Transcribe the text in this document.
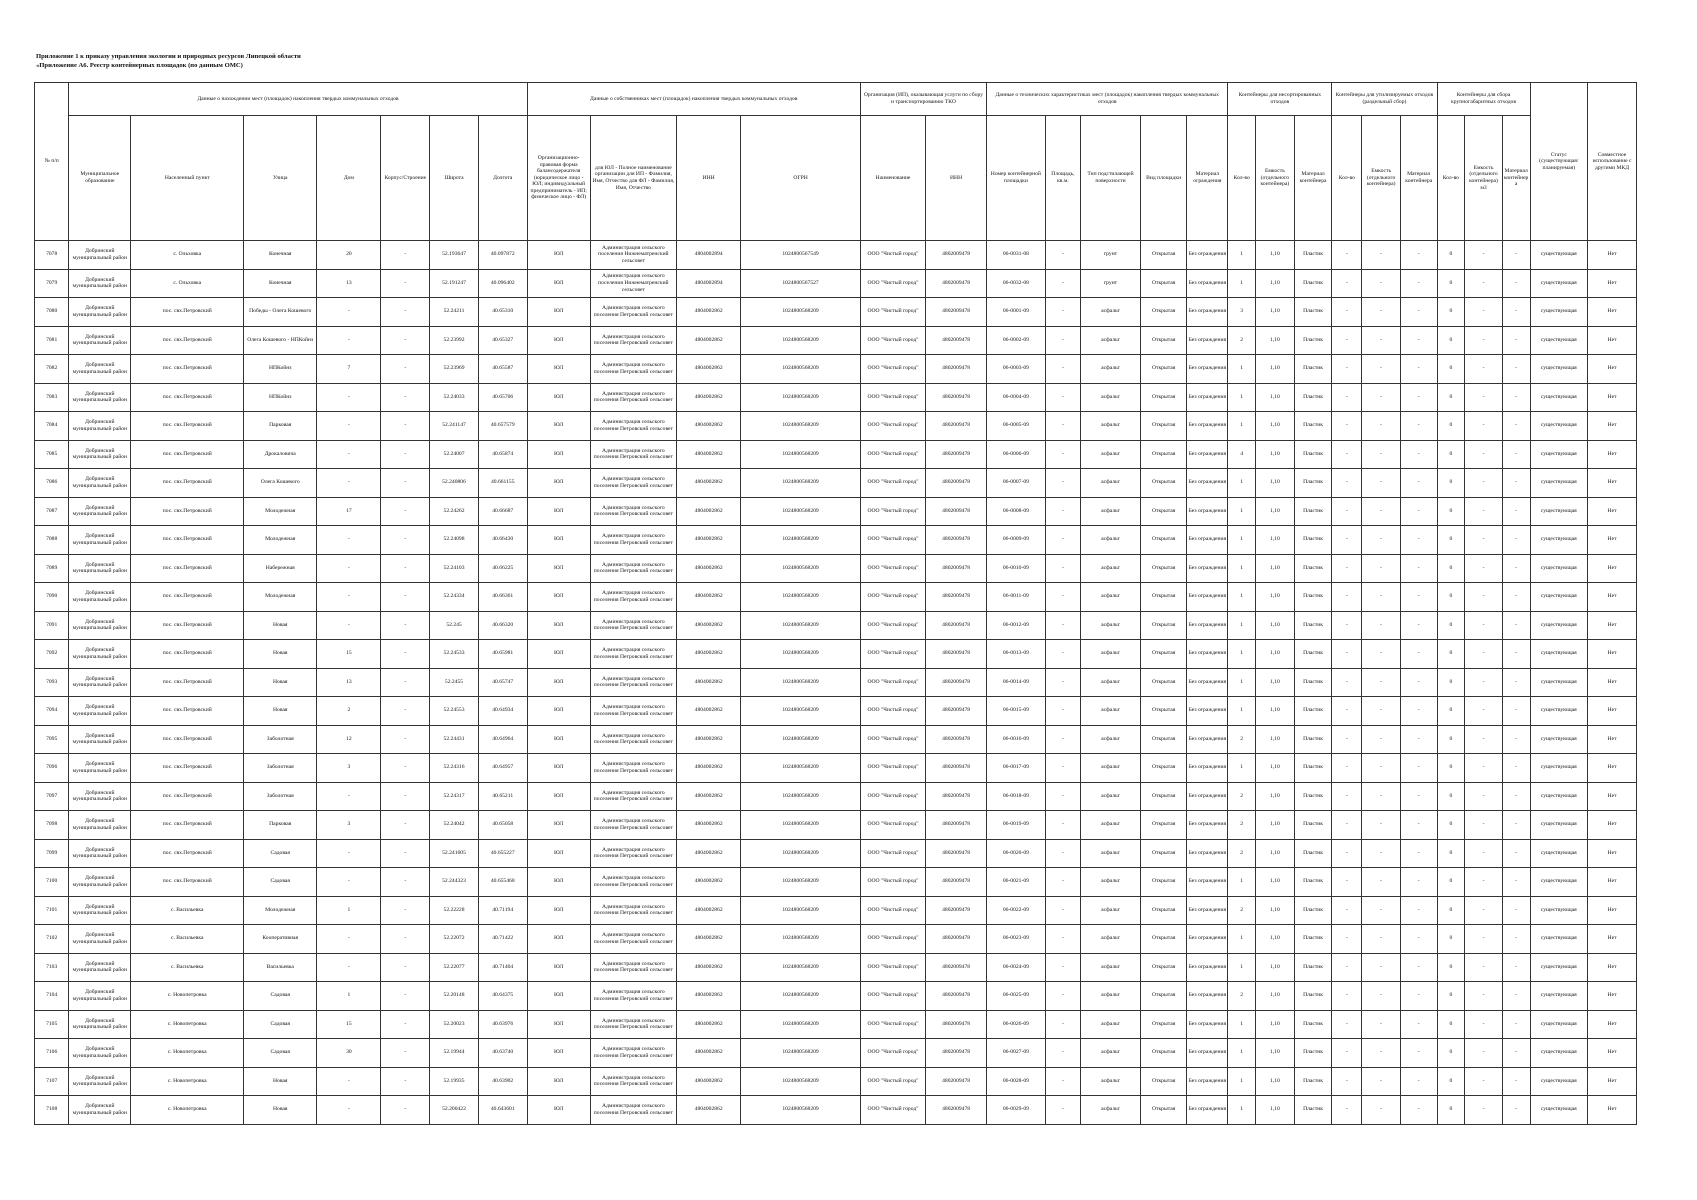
Приложение 1 к приказу управления экологии и природных ресурсов Липецкой области
«Приложение А6. Реестр контейнерных площадок (по данным ОМС)
№ п/п	Данные о нахождении мест (площадок) накопления твердых коммунальных отходов							Данные о собственниках мест (площадок) накопления твердых коммунальных отходов				Организация (ИП), оказывающая услуги по сбору и транспортированию ТКО		Данные о технических характеристиках мест (площадок) накопления твердых коммунальных отходов					Контейнеры для несортированных отходов			Контейнеры для утилизируемых отходов (раздельный сбор)			Контейнеры для сбора крупногабаритных отходов			Статус (существующая/ планируемая)	Совместное использование с другими МКД
	Муниципальное образование	Населенный пункт	Улица	Дом	Корпус/Строение	Широта	Долгота	Организационно-правовая форма балансодержателя (юридическое лицо - ЮЛ; индивидуальный предприниматель - ИП; физическое лицо - ФЛ)	для ЮЛ - Полное наименование организации для ИП - Фамилия, Имя, Отчество для ФЛ - Фамилия, Имя, Отчество	ИНН	ОГРН	Наименование	ИНН	Номер контейнерной площадки	Площадь, кв.м.	Тип подстилающей поверхности	Вид площадки	Материал ограждения	Кол-во	Емкость (отдельного контейнера)	Материал контейнера	Кол-во	Емкость (отдельного контейнера)	Материал контейнера	Кол-во	Емкость (отдельного контейнера) м3	Материал контейнера		
7078	Добринский муниципальный район	с. Ольховка	Конечная	20	-	52.193647	40.097872	ЮЛ	Администрация сельского поселения Нижнематренский сельсовет	4804002894	1024800567549	ООО "Чистый город"	4802009478	06-0031-08	-	грунт	Открытая	Без ограждения	1	1,10	Пластик	-	-	-	0	-	-	существующая	Нет
7079	Добринский муниципальный район	с. Ольховка	Конечная	13	-	52.191247	40.096402	ЮЛ	Администрация сельского поселения Нижнематренский сельсовет	4804002894	1024800567527	ООО "Чистый город"	4802009478	06-0032-08	-	грунт	Открытая	Без ограждения	1	1,10	Пластик	-	-	-	0	-	-	существующая	Нет
7080	Добринский муниципальный район	пос. свх.Петровский	Победы - Олега Кошевого	-	-	52.24211	40.65310	ЮЛ	Администрация сельского поселения Петровский сельсовет	4804002862	1024800568209	ООО "Чистый город"	4802009478	06-0001-09	-	асфальт	Открытая	Без ограждения	3	1,10	Пластик	-	-	-	0	-	-	существующая	Нет
7081	Добринский муниципальный район	пос. свх.Петровский	Олега Кошевого - НПКойнз	-	-	52.23992	40.65327	ЮЛ	Администрация сельского поселения Петровский сельсовет	4804002862	1024800568209	ООО "Чистый город"	4802009478	06-0002-09	-	асфальт	Открытая	Без ограждения	2	1,10	Пластик	-	-	-	0	-	-	существующая	Нет
7082	Добринский муниципальный район	пос. свх.Петровский	НПКойнз	7	-	52.23969	40.65587	ЮЛ	Администрация сельского поселения Петровский сельсовет	4804002862	1024800568209	ООО "Чистый город"	4802009478	06-0003-09	-	асфальт	Открытая	Без ограждения	1	1,10	Пластик	-	-	-	0	-	-	существующая	Нет
7083	Добринский муниципальный район	пос. свх.Петровский	НПКойнз	-	-	52.24033	40.65706	ЮЛ	Администрация сельского поселения Петровский сельсовет	4804002862	1024800568209	ООО "Чистый город"	4802009478	06-0004-09	-	асфальт	Открытая	Без ограждения	1	1,10	Пластик	-	-	-	0	-	-	существующая	Нет
7084	Добринский муниципальный район	пос. свх.Петровский	Парковая	-	-	52.241147	40.657579	ЮЛ	Администрация сельского поселения Петровский сельсовет	4804002862	1024800568209	ООО "Чистый город"	4802009478	06-0005-09	-	асфальт	Открытая	Без ограждения	1	1,10	Пластик	-	-	-	0	-	-	существующая	Нет
7085	Добринский муниципальный район	пос. свх.Петровский	Дрокаловича	-	-	52.24007	40.65874	ЮЛ	Администрация сельского поселения Петровский сельсовет	4804002862	1024800568209	ООО "Чистый город"	4802009478	06-0006-09	-	асфальт	Открытая	Без ограждения	4	1,10	Пластик	-	-	-	0	-	-	существующая	Нет
7086	Добринский муниципальный район	пос. свх.Петровский	Олега Кошевого	-	-	52.240806	40.661155	ЮЛ	Администрация сельского поселения Петровский сельсовет	4804002862	1024800568209	ООО "Чистый город"	4802009478	06-0007-09	-	асфальт	Открытая	Без ограждения	1	1,10	Пластик	-	-	-	0	-	-	существующая	Нет
7087	Добринский муниципальный район	пос. свх.Петровский	Молодежная	17	-	52.24262	40.66687	ЮЛ	Администрация сельского поселения Петровский сельсовет	4804002862	1024800568209	ООО "Чистый город"	4802009478	06-0008-09	-	асфальт	Открытая	Без ограждения	1	1,10	Пластик	-	-	-	0	-	-	существующая	Нет
7088	Добринский муниципальный район	пос. свх.Петровский	Молодежная	-	-	52.24098	40.66430	ЮЛ	Администрация сельского поселения Петровский сельсовет	4804002862	1024800568209	ООО "Чистый город"	4802009478	06-0009-09	-	асфальт	Открытая	Без ограждения	1	1,10	Пластик	-	-	-	0	-	-	существующая	Нет
7089	Добринский муниципальный район	пос. свх.Петровский	Набережная	-	-	52.24103	40.66225	ЮЛ	Администрация сельского поселения Петровский сельсовет	4804002862	1024800568209	ООО "Чистый город"	4802009478	06-0010-09	-	асфальт	Открытая	Без ограждения	1	1,10	Пластик	-	-	-	0	-	-	существующая	Нет
7090	Добринский муниципальный район	пос. свх.Петровский	Молодежная	-	-	52.24334	40.66361	ЮЛ	Администрация сельского поселения Петровский сельсовет	4804002862	1024800568209	ООО "Чистый город"	4802009478	06-0011-09	-	асфальт	Открытая	Без ограждения	1	1,10	Пластик	-	-	-	0	-	-	существующая	Нет
7091	Добринский муниципальный район	пос. свх.Петровский	Новая	-	-	52.245	40.66320	ЮЛ	Администрация сельского поселения Петровский сельсовет	4804002862	1024800568209	ООО "Чистый город"	4802009478	06-0012-09	-	асфальт	Открытая	Без ограждения	1	1,10	Пластик	-	-	-	0	-	-	существующая	Нет
7092	Добринский муниципальный район	пос. свх.Петровский	Новая	15	-	52.24533	40.65981	ЮЛ	Администрация сельского поселения Петровский сельсовет	4804002862	1024800568209	ООО "Чистый город"	4802009478	06-0013-09	-	асфальт	Открытая	Без ограждения	1	1,10	Пластик	-	-	-	0	-	-	существующая	Нет
7093	Добринский муниципальный район	пос. свх.Петровский	Новая	13	-	52.2455	40.65747	ЮЛ	Администрация сельского поселения Петровский сельсовет	4804002862	1024800568209	ООО "Чистый город"	4802009478	06-0014-09	-	асфальт	Открытая	Без ограждения	1	1,10	Пластик	-	-	-	0	-	-	существующая	Нет
7094	Добринский муниципальный район	пос. свх.Петровский	Новая	2	-	52.24553	40.64934	ЮЛ	Администрация сельского поселения Петровский сельсовет	4804002862	1024800568209	ООО "Чистый город"	4802009478	06-0015-09	-	асфальт	Открытая	Без ограждения	1	1,10	Пластик	-	-	-	0	-	-	существующая	Нет
7095	Добринский муниципальный район	пос. свх.Петровский	Заболотная	12	-	52.24431	40.64964	ЮЛ	Администрация сельского поселения Петровский сельсовет	4804002862	1024800568209	ООО "Чистый город"	4802009478	06-0016-09	-	асфальт	Открытая	Без ограждения	2	1,10	Пластик	-	-	-	0	-	-	существующая	Нет
7096	Добринский муниципальный район	пос. свх.Петровский	Заболотная	3	-	52.24316	40.64957	ЮЛ	Администрация сельского поселения Петровский сельсовет	4804002862	1024800568209	ООО "Чистый город"	4802009478	06-0017-09	-	асфальт	Открытая	Без ограждения	1	1,10	Пластик	-	-	-	0	-	-	существующая	Нет
7097	Добринский муниципальный район	пос. свх.Петровский	Заболотная	-	-	52.24317	40.65211	ЮЛ	Администрация сельского поселения Петровский сельсовет	4804002862	1024800568209	ООО "Чистый город"	4802009478	06-0018-09	-	асфальт	Открытая	Без ограждения	2	1,10	Пластик	-	-	-	0	-	-	существующая	Нет
7098	Добринский муниципальный район	пос. свх.Петровский	Парковая	3	-	52.24042	40.65058	ЮЛ	Администрация сельского поселения Петровский сельсовет	4804002862	1024800568209	ООО "Чистый город"	4802009478	06-0019-09	-	асфальт	Открытая	Без ограждения	2	1,10	Пластик	-	-	-	0	-	-	существующая	Нет
7099	Добринский муниципальный район	пос. свх.Петровский	Садовая	-	-	52.241605	40.655227	ЮЛ	Администрация сельского поселения Петровский сельсовет	4804002862	1024800568209	ООО "Чистый город"	4802009478	06-0020-09	-	асфальт	Открытая	Без ограждения	2	1,10	Пластик	-	-	-	0	-	-	существующая	Нет
7100	Добринский муниципальный район	пос. свх.Петровский	Садовая	-	-	52.244323	40.655468	ЮЛ	Администрация сельского поселения Петровский сельсовет	4804002862	1024800568209	ООО "Чистый город"	4802009478	06-0021-09	-	асфальт	Открытая	Без ограждения	1	1,10	Пластик	-	-	-	0	-	-	существующая	Нет
7101	Добринский муниципальный район	с. Васильевка	Молодежная	1	-	52.22228	40.71194	ЮЛ	Администрация сельского поселения Петровский сельсовет	4804002862	1024800568209	ООО "Чистый город"	4802009478	06-0022-09	-	асфальт	Открытая	Без ограждения	2	1,10	Пластик	-	-	-	0	-	-	существующая	Нет
7102	Добринский муниципальный район	с. Васильевка	Кооперативная	-	-	52.22072	40.71422	ЮЛ	Администрация сельского поселения Петровский сельсовет	4804002862	1024800568209	ООО "Чистый город"	4802009478	06-0023-09	-	асфальт	Открытая	Без ограждения	1	1,10	Пластик	-	-	-	0	-	-	существующая	Нет
7103	Добринский муниципальный район	с. Васильевка	Васильевка	-	-	52.22077	40.71404	ЮЛ	Администрация сельского поселения Петровский сельсовет	4804002862	1024800568209	ООО "Чистый город"	4802009478	06-0024-09	-	асфальт	Открытая	Без ограждения	1	1,10	Пластик	-	-	-	0	-	-	существующая	Нет
7104	Добринский муниципальный район	с. Новопетровка	Садовая	1	-	52.20148	40.64375	ЮЛ	Администрация сельского поселения Петровский сельсовет	4804002862	1024800568209	ООО "Чистый город"	4802009478	06-0025-09	-	асфальт	Открытая	Без ограждения	2	1,10	Пластик	-	-	-	0	-	-	существующая	Нет
7105	Добринский муниципальный район	с. Новопетровка	Садовая	15	-	52.20023	40.63976	ЮЛ	Администрация сельского поселения Петровский сельсовет	4804002862	1024800568209	ООО "Чистый город"	4802009478	06-0026-09	-	асфальт	Открытая	Без ограждения	1	1,10	Пластик	-	-	-	0	-	-	существующая	Нет
7106	Добринский муниципальный район	с. Новопетровка	Садовая	30	-	52.19944	40.63740	ЮЛ	Администрация сельского поселения Петровский сельсовет	4804002862	1024800568209	ООО "Чистый город"	4802009478	06-0027-09	-	асфальт	Открытая	Без ограждения	1	1,10	Пластик	-	-	-	0	-	-	существующая	Нет
7107	Добринский муниципальный район	с. Новопетровка	Новая	-	-	52.19935	40.63902	ЮЛ	Администрация сельского поселения Петровский сельсовет	4804002862	1024800568209	ООО "Чистый город"	4802009478	06-0028-09	-	асфальт	Открытая	Без ограждения	1	1,10	Пластик	-	-	-	0	-	-	существующая	Нет
7108	Добринский муниципальный район	с. Новопетровка	Новая	-	-	52.200422	40.643601	ЮЛ	Администрация сельского поселения Петровский сельсовет	4804002862	1024800568209	ООО "Чистый город"	4802009478	06-0029-09	-	асфальт	Открытая	Без ограждения	1	1,10	Пластик	-	-	-	0	-	-	существующая	Нет
